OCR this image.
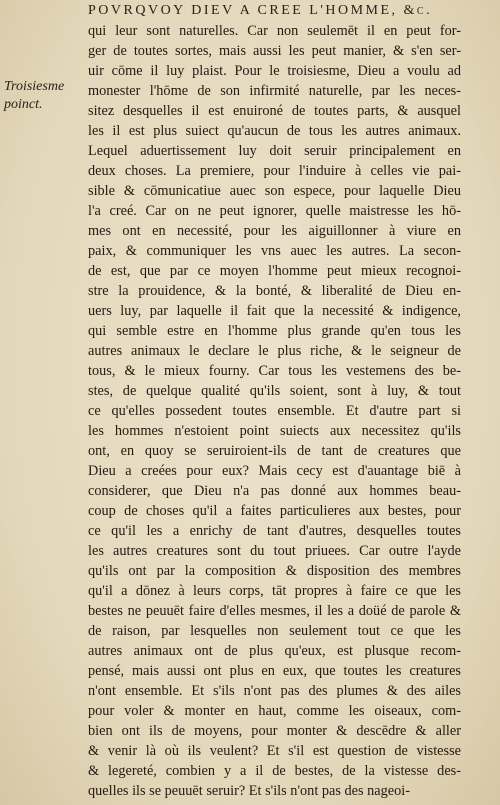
POVRQVOY DIEV A CREE L'HOMME, &c.
Troisiesme
poinct.
qui leur sont naturelles. Car non seulemēt il en peut for-
ger de toutes sortes, mais aussi les peut manier, & s'en ser-
uir cōme il luy plaist. Pour le troisiesme, Dieu a voulu ad
monester l'hōme de son infirmité naturelle, par les neces-
sitez desquelles il est enuironé de toutes parts, & ausquel
les il est plus suiect qu'aucun de tous les autres animaux.
Lequel aduertissement luy doit seruir principalement en
deux choses. La premiere, pour l'induire à celles vie pai-
sible & cōmunicatiue auec son espece, pour laquelle Dieu
l'a creé. Car on ne peut ignorer, quelle maistresse les hō-
mes ont en necessité, pour les aiguillonner à viure en
paix, & communiquer les vns auec les autres. La secon-
de est, que par ce moyen l'homme peut mieux recognoi-
stre la prouidence, & la bonté, & liberalité de Dieu en-
uers luy, par laquelle il fait que la necessité & indigence,
qui semble estre en l'homme plus grande qu'en tous les
autres animaux le declare le plus riche, & le seigneur de
tous, & le mieux fourny. Car tous les vestemens des be-
stes, de quelque qualité qu'ils soient, sont à luy, & tout
ce qu'elles possedent toutes ensemble. Et d'autre part si
les hommes n'estoient point suiects aux necessitez qu'ils
ont, en quoy se seruiroient-ils de tant de creatures que
Dieu a creées pour eux? Mais cecy est d'auantage biē à
considerer, que Dieu n'a pas donné aux hommes beau-
coup de choses qu'il a faites particulieres aux bestes, pour
ce qu'il les a enrichy de tant d'autres, desquelles toutes
les autres creatures sont du tout priuees. Car outre l'ayde
qu'ils ont par la composition & disposition des membres
qu'il a dōnez à leurs corps, tāt propres à faire ce que les
bestes ne peuuēt faire d'elles mesmes, il les a doüé de parole &
de raison, par lesquelles non seulement tout ce que les
autres animaux ont de plus qu'eux, est plusque recom-
pensé, mais aussi ont plus en eux, que toutes les creatures
n'ont ensemble. Et s'ils n'ont pas des plumes & des ailes
pour voler & monter en haut, comme les oiseaux, com-
bien ont ils de moyens, pour monter & descēdre & aller
& venir là où ils veulent? Et s'il est question de vistesse
& legereté, combien y a il de bestes, de la vistesse des-
quelles ils se peuuēt seruir? Et s'ils n'ont pas des nageoi-
